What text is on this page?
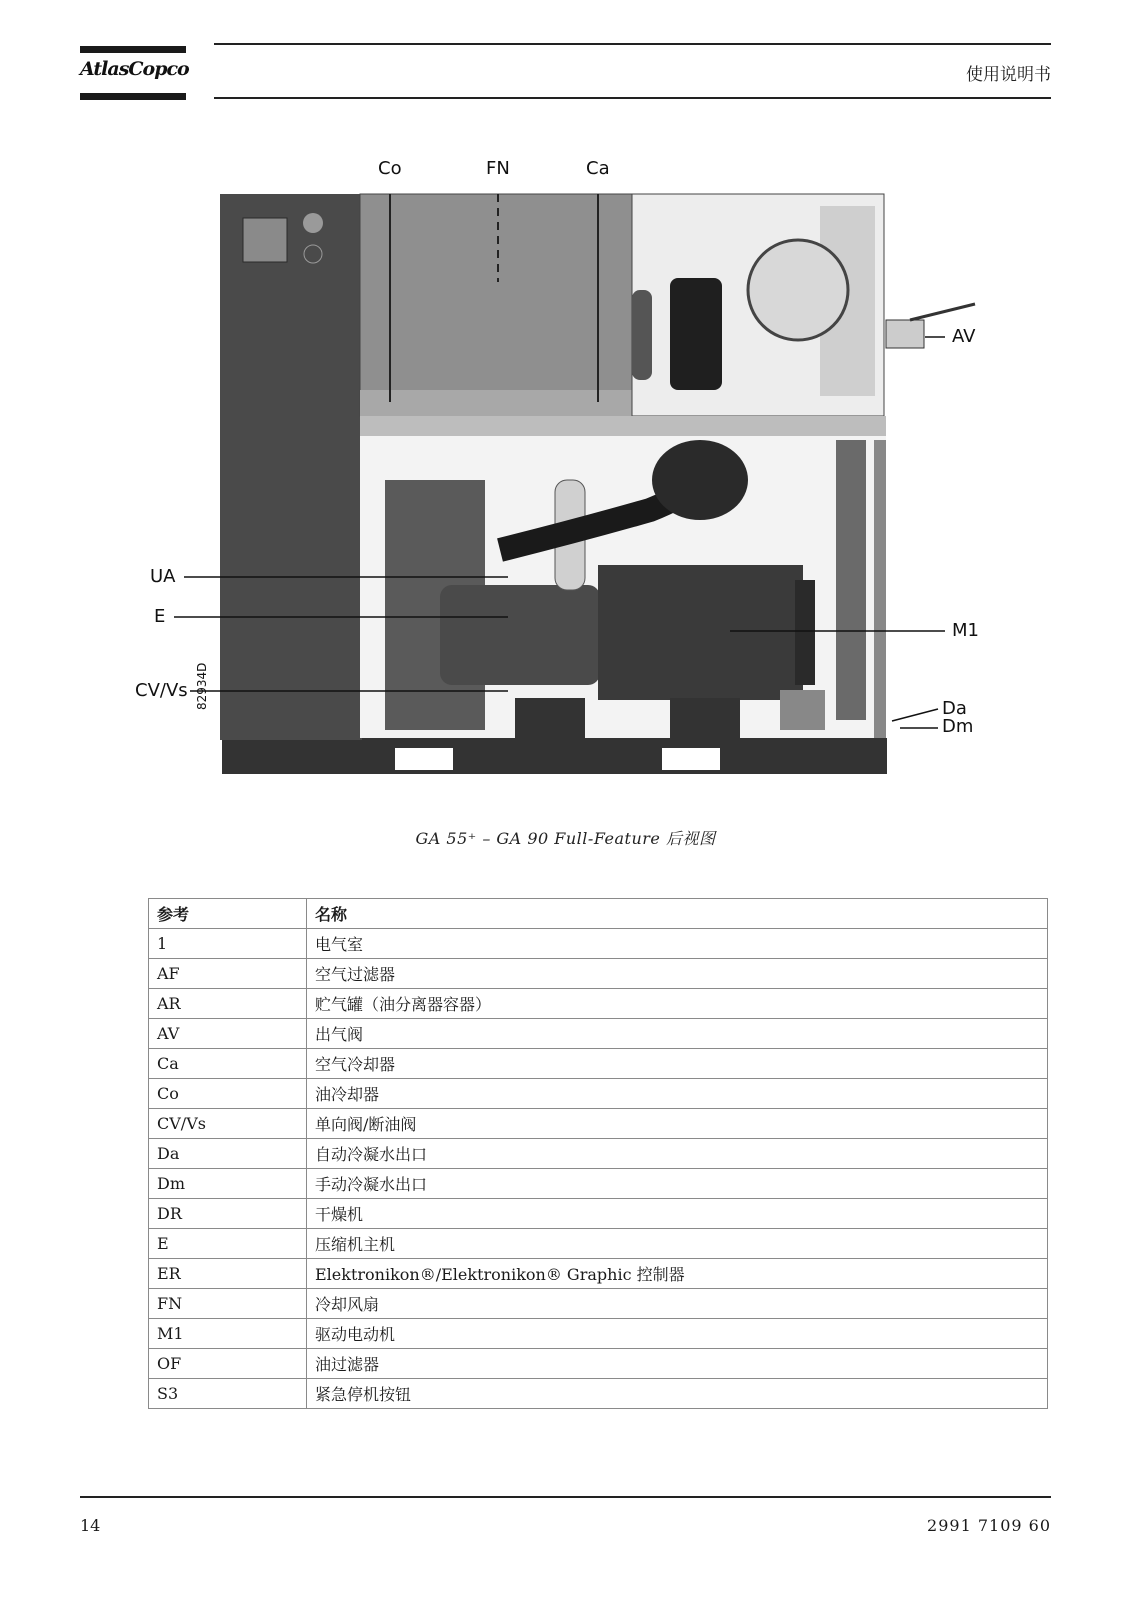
AtlasCopco	使用说明书
Co	FN	Ca
AV
UA
E
M1
CV/Vs
Da
Dm
82934D
GA 55⁺ – GA 90 Full-Feature 后视图
参考	名称
1	电气室
AF	空气过滤器
AR	贮气罐（油分离器容器）
AV	出气阀
Ca	空气冷却器
Co	油冷却器
CV/Vs	单向阀/断油阀
Da	自动冷凝水出口
Dm	手动冷凝水出口
DR	干燥机
E	压缩机主机
ER	Elektronikon®/Elektronikon® Graphic 控制器
FN	冷却风扇
M1	驱动电动机
OF	油过滤器
S3	紧急停机按钮
14	2991 7109 60
